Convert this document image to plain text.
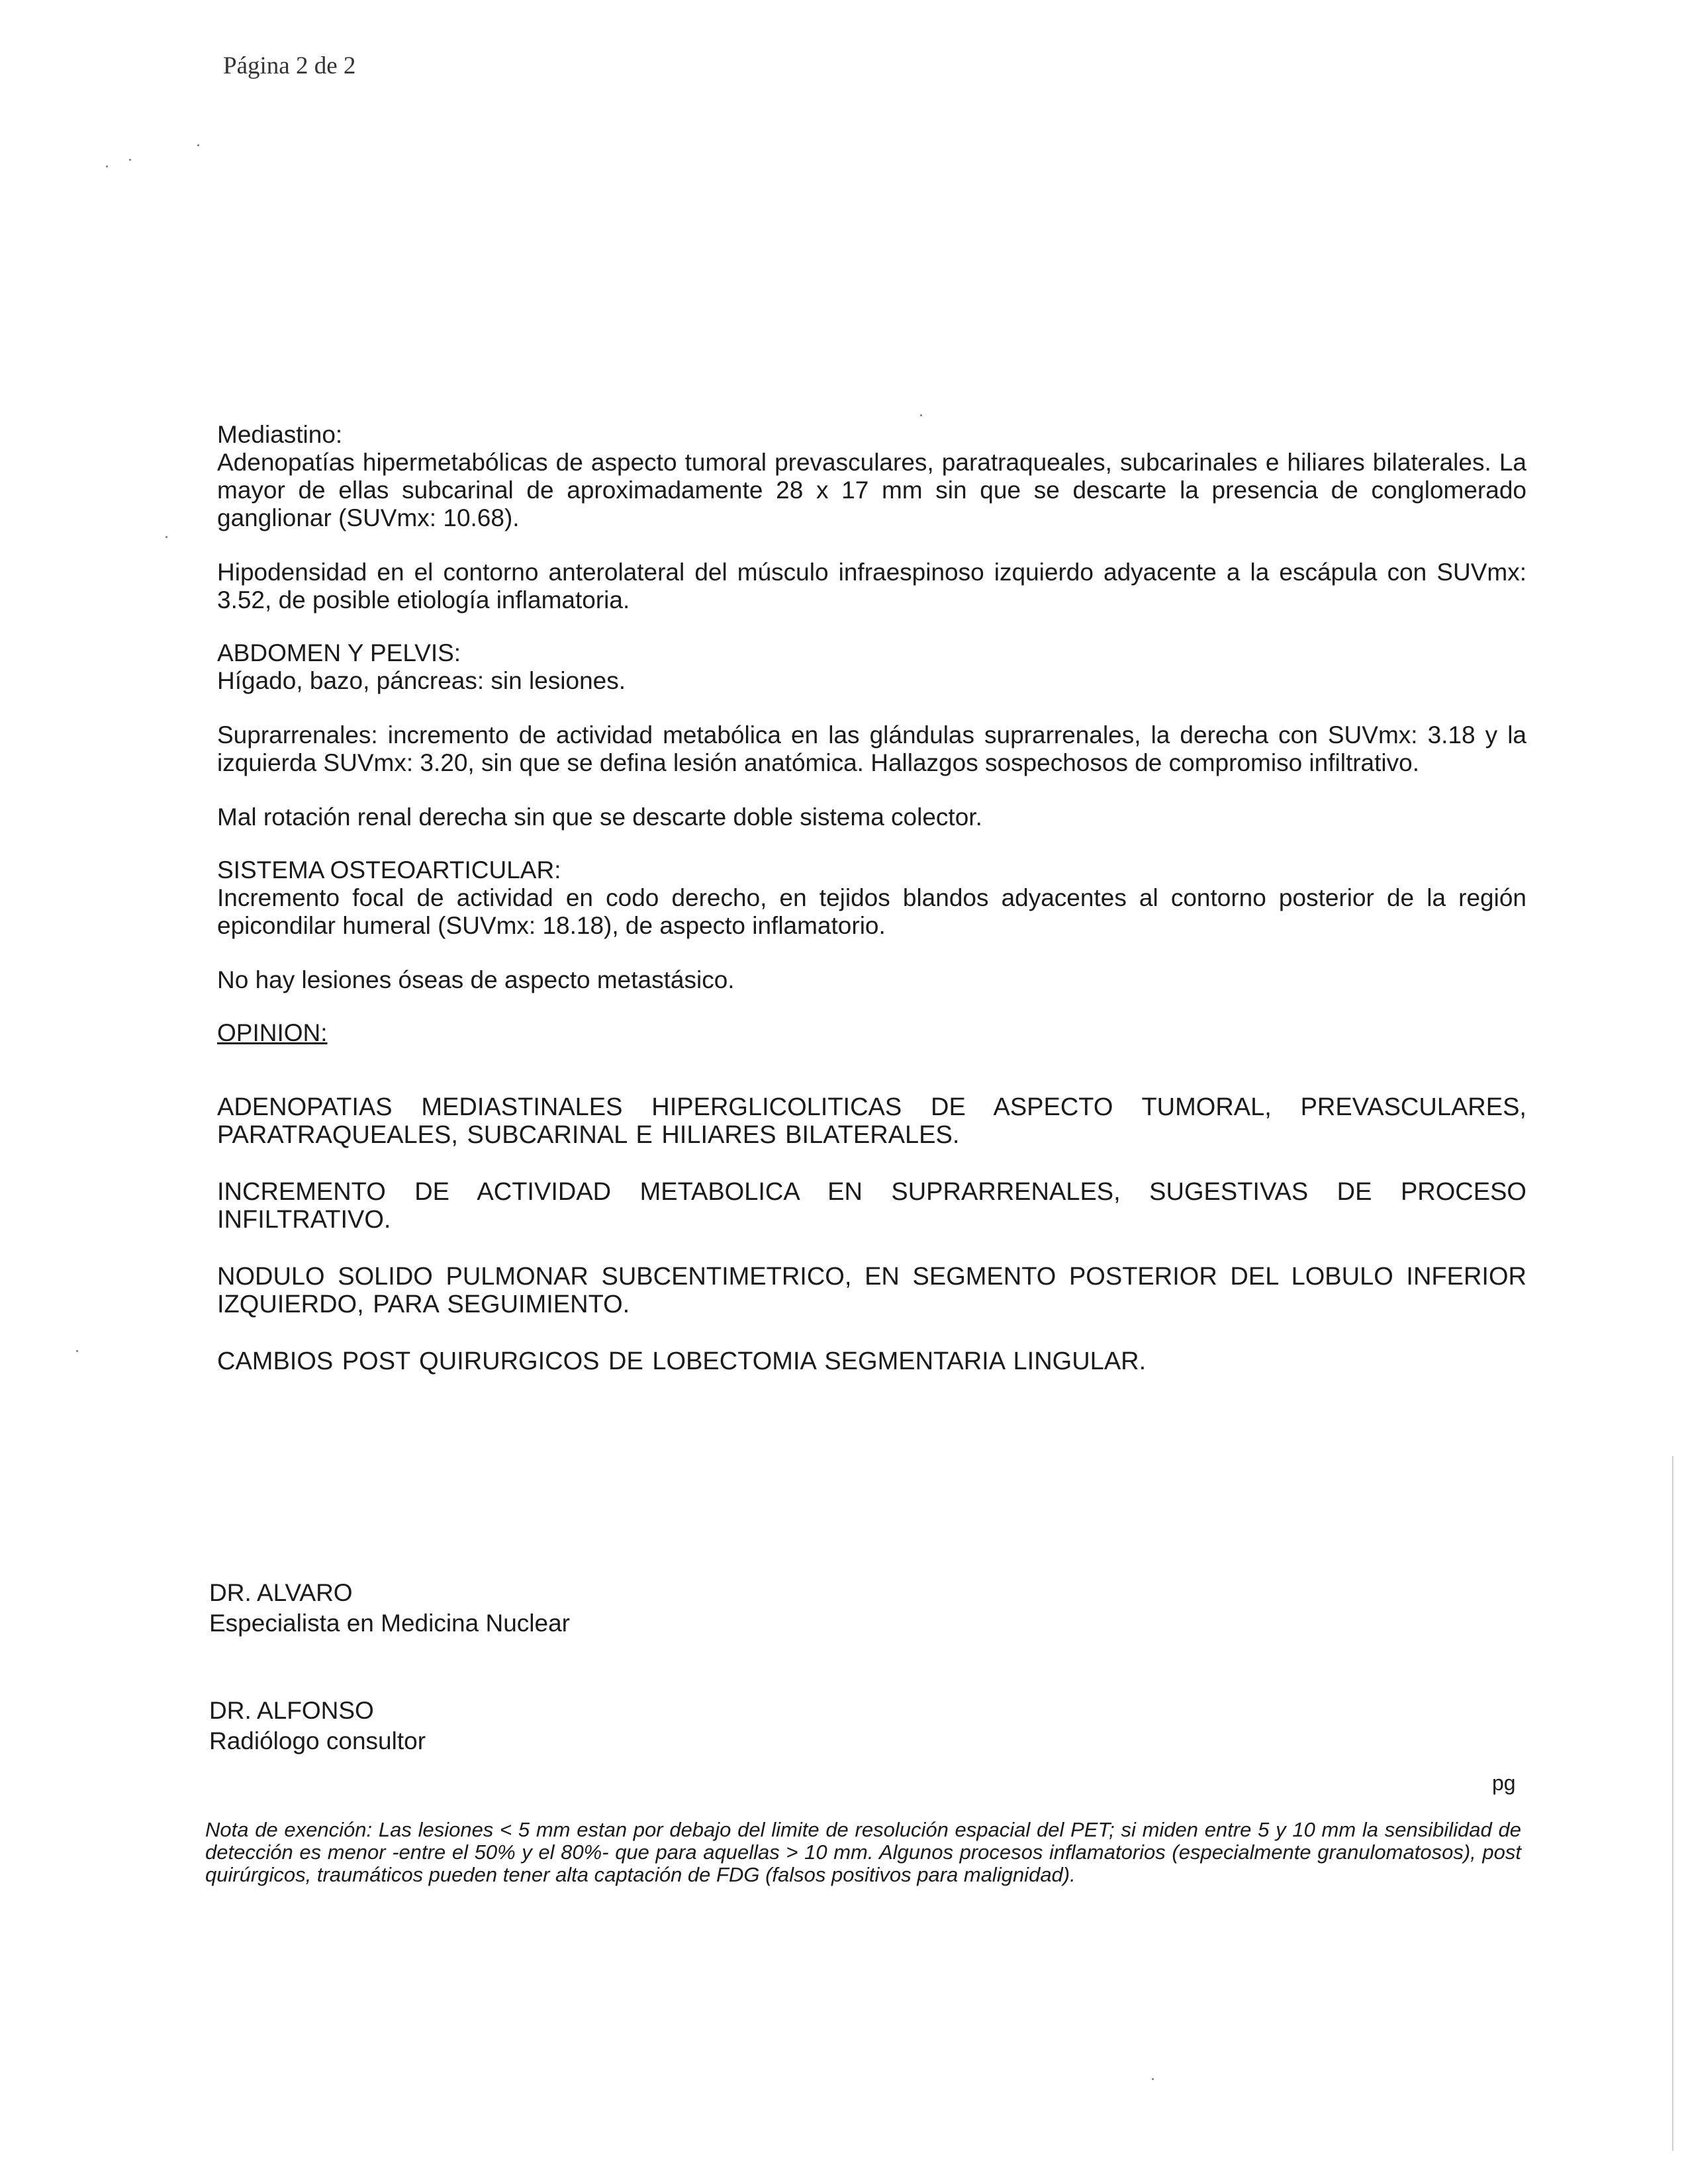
Página 2 de 2

Mediastino:

Adenopatías hipermetabólicas de aspecto tumoral prevasculares, paratraqueales, subcarinales e hiliares bilaterales. La mayor de ellas subcarinal de aproximadamente 28 x 17 mm sin que se descarte la presencia de conglomerado ganglionar (SUVmx: 10.68).

Hipodensidad en el contorno anterolateral del músculo infraespinoso izquierdo adyacente a la escápula con SUVmx: 3.52, de posible etiología inflamatoria.

ABDOMEN Y PELVIS:

Hígado, bazo, páncreas: sin lesiones.

Suprarrenales: incremento de actividad metabólica en las glándulas suprarrenales, la derecha con SUVmx: 3.18 y la izquierda SUVmx: 3.20, sin que se defina lesión anatómica. Hallazgos sospechosos de compromiso infiltrativo.

Mal rotación renal derecha sin que se descarte doble sistema colector.

SISTEMA OSTEOARTICULAR:

Incremento focal de actividad en codo derecho, en tejidos blandos adyacentes al contorno posterior de la región epicondilar humeral (SUVmx: 18.18), de aspecto inflamatorio.

No hay lesiones óseas de aspecto metastásico.

OPINION:

ADENOPATIAS MEDIASTINALES HIPERGLICOLITICAS DE ASPECTO TUMORAL, PREVASCULARES, PARATRAQUEALES, SUBCARINAL E HILIARES BILATERALES.

INCREMENTO DE ACTIVIDAD METABOLICA EN SUPRARRENALES, SUGESTIVAS DE PROCESO INFILTRATIVO.

NODULO SOLIDO PULMONAR SUBCENTIMETRICO, EN SEGMENTO POSTERIOR DEL LOBULO INFERIOR IZQUIERDO, PARA SEGUIMIENTO.

CAMBIOS POST QUIRURGICOS DE LOBECTOMIA SEGMENTARIA LINGULAR.

DR. ALVARO
Especialista en Medicina Nuclear
DR. ALFONSO
Radiólogo consultor
pg
Nota de exención: Las lesiones < 5 mm estan por debajo del limite de resolución espacial del PET; si miden entre 5 y 10 mm la sensibilidad de detección es menor -entre el 50% y el 80%- que para aquellas > 10 mm. Algunos procesos inflamatorios (especialmente granulomatosos), post quirúrgicos, traumáticos pueden tener alta captación de FDG (falsos positivos para malignidad).
